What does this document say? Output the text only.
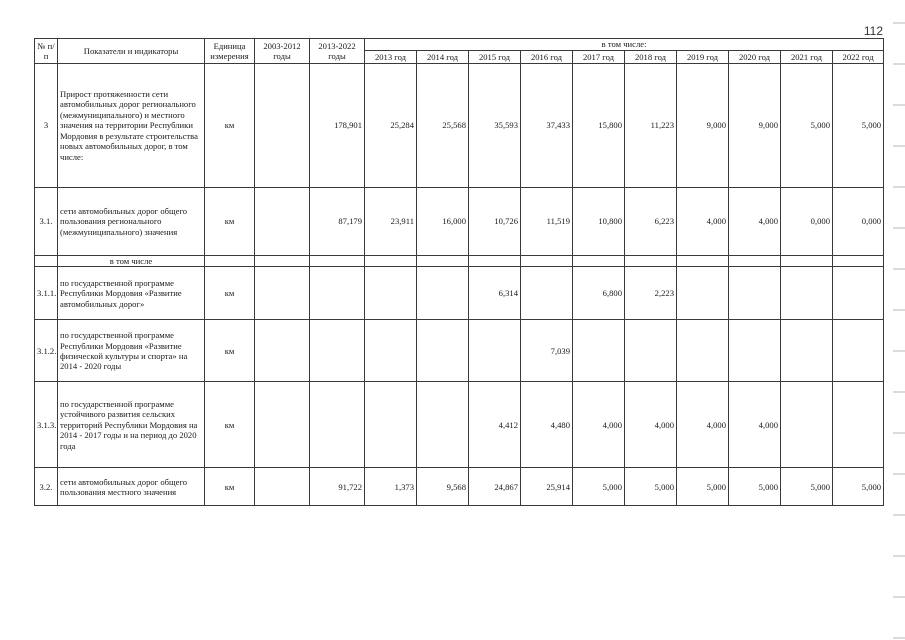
112
№ п/п	Показатели и индикаторы	Единица измерения	2003-2012 годы	2013-2022 годы	в том числе:									
					2013 год	2014 год	2015 год	2016 год	2017 год	2018 год	2019 год	2020 год	2021 год	2022 год
3	Прирост протяженности сети автомобильных дорог регионального (межмуниципального) и местного значения на территории Республики Мордовия в результате строительства новых автомобильных дорог, в том числе:	км		178,901	25,284	25,568	35,593	37,433	15,800	11,223	9,000	9,000	5,000	5,000
3.1.	сети автомобильных дорог общего пользования регионального (межмуниципального) значения	км		87,179	23,911	16,000	10,726	11,519	10,800	6,223	4,000	4,000	0,000	0,000
	в том числе													
3.1.1.	по государственной программе Республики Мордовия «Развитие автомобильных дорог»	км					6,314		6,800	2,223				
3.1.2.	по государственной программе Республики Мордовия «Развитие физической культуры и спорта» на 2014 - 2020 годы	км						7,039						
3.1.3.	по государственной программе устойчивого развития сельских территорий Республики Мордовия на 2014 - 2017 годы и на период до 2020 года	км					4,412	4,480	4,000	4,000	4,000	4,000		
3.2.	сети автомобильных дорог общего пользования местного значения	км		91,722	1,373	9,568	24,867	25,914	5,000	5,000	5,000	5,000	5,000	5,000
